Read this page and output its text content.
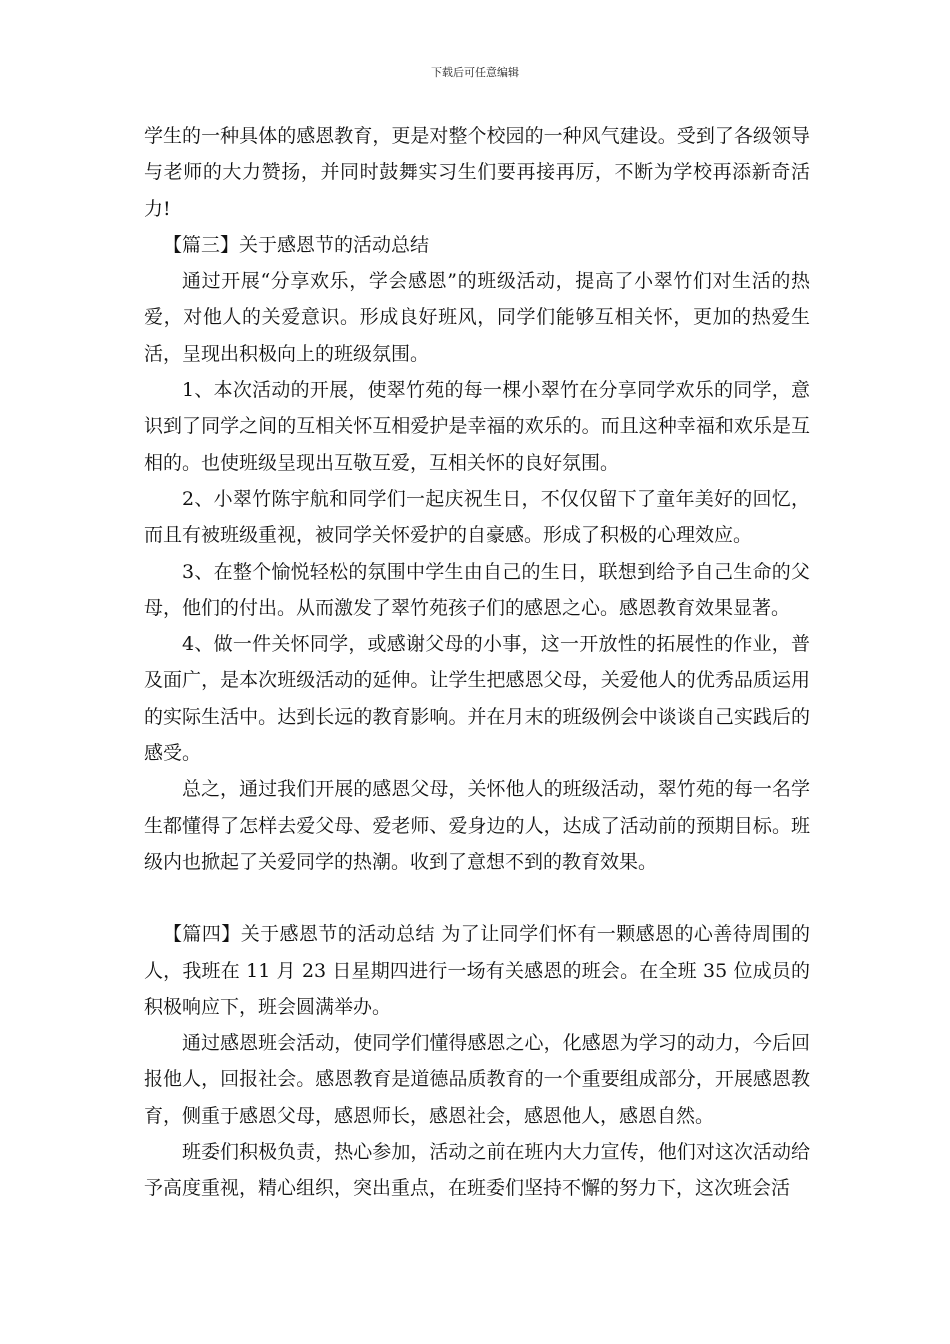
下载后可任意编辑

学生的一种具体的感恩教育，更是对整个校园的一种风气建设。受到了各级领导与老师的大力赞扬，并同时鼓舞实习生们要再接再厉，不断为学校再添新奇活力!

【篇三】关于感恩节的活动总结

通过开展“分享欢乐，学会感恩”的班级活动，提高了小翠竹们对生活的热爱，对他人的关爱意识。形成良好班风，同学们能够互相关怀，更加的热爱生活，呈现出积极向上的班级氛围。

1、本次活动的开展，使翠竹苑的每一棵小翠竹在分享同学欢乐的同学，意识到了同学之间的互相关怀互相爱护是幸福的欢乐的。而且这种幸福和欢乐是互相的。也使班级呈现出互敬互爱，互相关怀的良好氛围。

2、小翠竹陈宇航和同学们一起庆祝生日，不仅仅留下了童年美好的回忆，而且有被班级重视，被同学关怀爱护的自豪感。形成了积极的心理效应。

3、在整个愉悦轻松的氛围中学生由自己的生日，联想到给予自己生命的父母，他们的付出。从而激发了翠竹苑孩子们的感恩之心。感恩教育效果显著。

4、做一件关怀同学，或感谢父母的小事，这一开放性的拓展性的作业，普及面广，是本次班级活动的延伸。让学生把感恩父母，关爱他人的优秀品质运用的实际生活中。达到长远的教育影响。并在月末的班级例会中谈谈自己实践后的感受。

总之，通过我们开展的感恩父母，关怀他人的班级活动，翠竹苑的每一名学生都懂得了怎样去爱父母、爱老师、爱身边的人，达成了活动前的预期目标。班级内也掀起了关爱同学的热潮。收到了意想不到的教育效果。

【篇四】关于感恩节的活动总结 为了让同学们怀有一颗感恩的心善待周围的人，我班在 11 月 23 日星期四进行一场有关感恩的班会。在全班 35 位成员的积极响应下，班会圆满举办。

通过感恩班会活动，使同学们懂得感恩之心，化感恩为学习的动力，今后回报他人，回报社会。感恩教育是道德品质教育的一个重要组成部分，开展感恩教育，侧重于感恩父母，感恩师长，感恩社会，感恩他人，感恩自然。

班委们积极负责，热心参加，活动之前在班内大力宣传，他们对这次活动给予高度重视，精心组织，突出重点，在班委们坚持不懈的努力下，这次班会活
